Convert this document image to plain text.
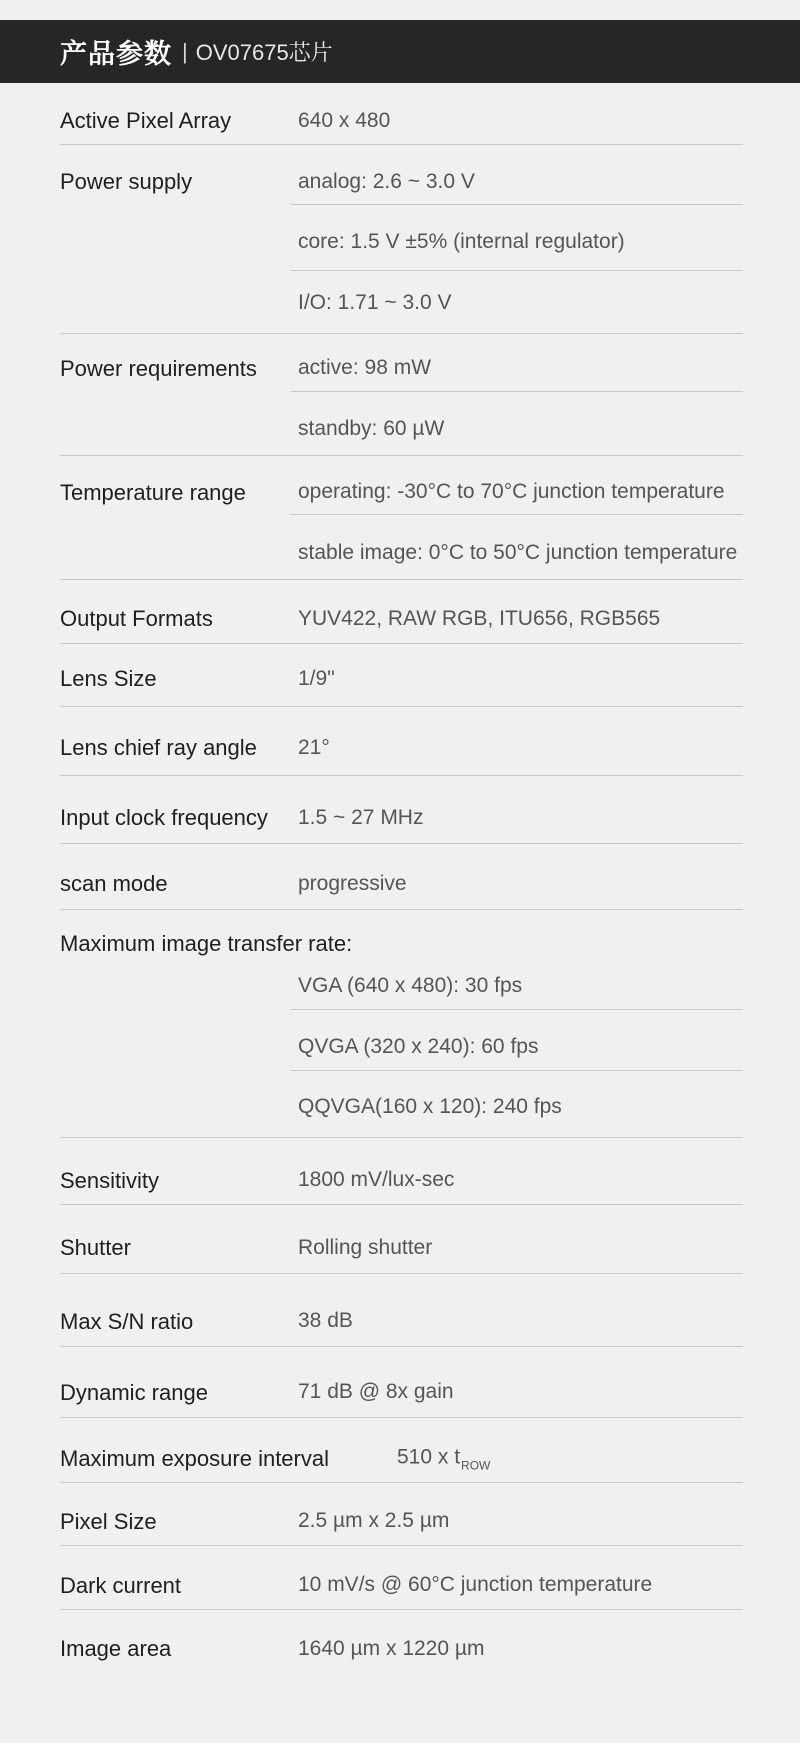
产品参数 | OV07675芯片
Active Pixel Array	640 x 480
Power supply	analog: 2.6 ~ 3.0 V
core: 1.5 V ±5% (internal regulator)
I/O: 1.71 ~ 3.0 V
Power requirements active: 98 mW
standby: 60 µW
Temperature range operating: -30°C to 70°C junction temperature
stable image: 0°C to 50°C junction temperature
Output Formats	YUV422, RAW RGB, ITU656, RGB565
Lens Size	1/9"
Lens chief ray angle 21°
Input clock frequency 1.5 ~ 27 MHz
scan mode	progressive
Maximum image transfer rate:
VGA (640 x 480): 30 fps
QVGA (320 x 240): 60 fps
QQVGA(160 x 120): 240 fps
Sensitivity	1800 mV/lux-sec
Shutter	Rolling shutter
Max S/N ratio	38 dB
Dynamic range	71 dB @ 8x gain
Maximum exposure interval	510 x $t_{ROW}$
Pixel Size	2.5 µm x 2.5 µm
Dark current	10 mV/s @ 60°C junction temperature
Image area	1640 µm x 1220 µm
